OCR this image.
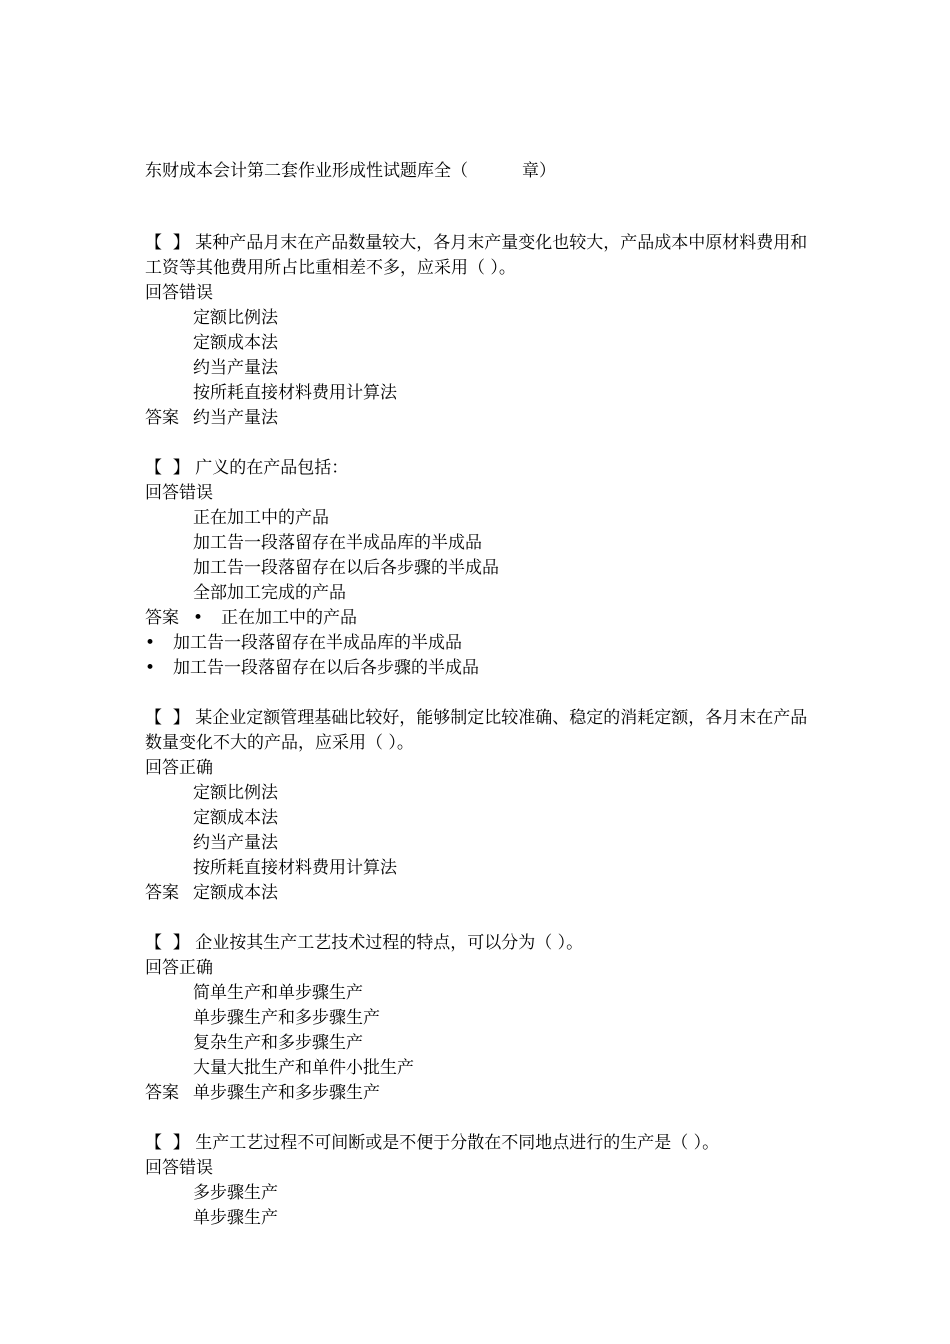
东财成本会计第二套作业形成性试题库全（          章）
【  】 某种产品月末在产品数量较大，各月末产量变化也较大，产品成本中原材料费用和工资等其他费用所占比重相差不多，应采用（ ）。
回答错误
定额比例法
定额成本法
约当产量法
按所耗直接材料费用计算法
答案 约当产量法
【  】 广义的在产品包括：
回答错误
正在加工中的产品
加工告一段落留存在半成品库的半成品
加工告一段落留存在以后各步骤的半成品
全部加工完成的产品
答案 • 正在加工中的产品
• 加工告一段落留存在半成品库的半成品
• 加工告一段落留存在以后各步骤的半成品
【  】 某企业定额管理基础比较好，能够制定比较准确、稳定的消耗定额，各月末在产品数量变化不大的产品，应采用（ ）。
回答正确
定额比例法
定额成本法
约当产量法
按所耗直接材料费用计算法
答案 定额成本法
【  】 企业按其生产工艺技术过程的特点，可以分为（ ）。
回答正确
简单生产和单步骤生产
单步骤生产和多步骤生产
复杂生产和多步骤生产
大量大批生产和单件小批生产
答案 单步骤生产和多步骤生产
【  】 生产工艺过程不可间断或是不便于分散在不同地点进行的生产是（ ）。
回答错误
多步骤生产
单步骤生产
